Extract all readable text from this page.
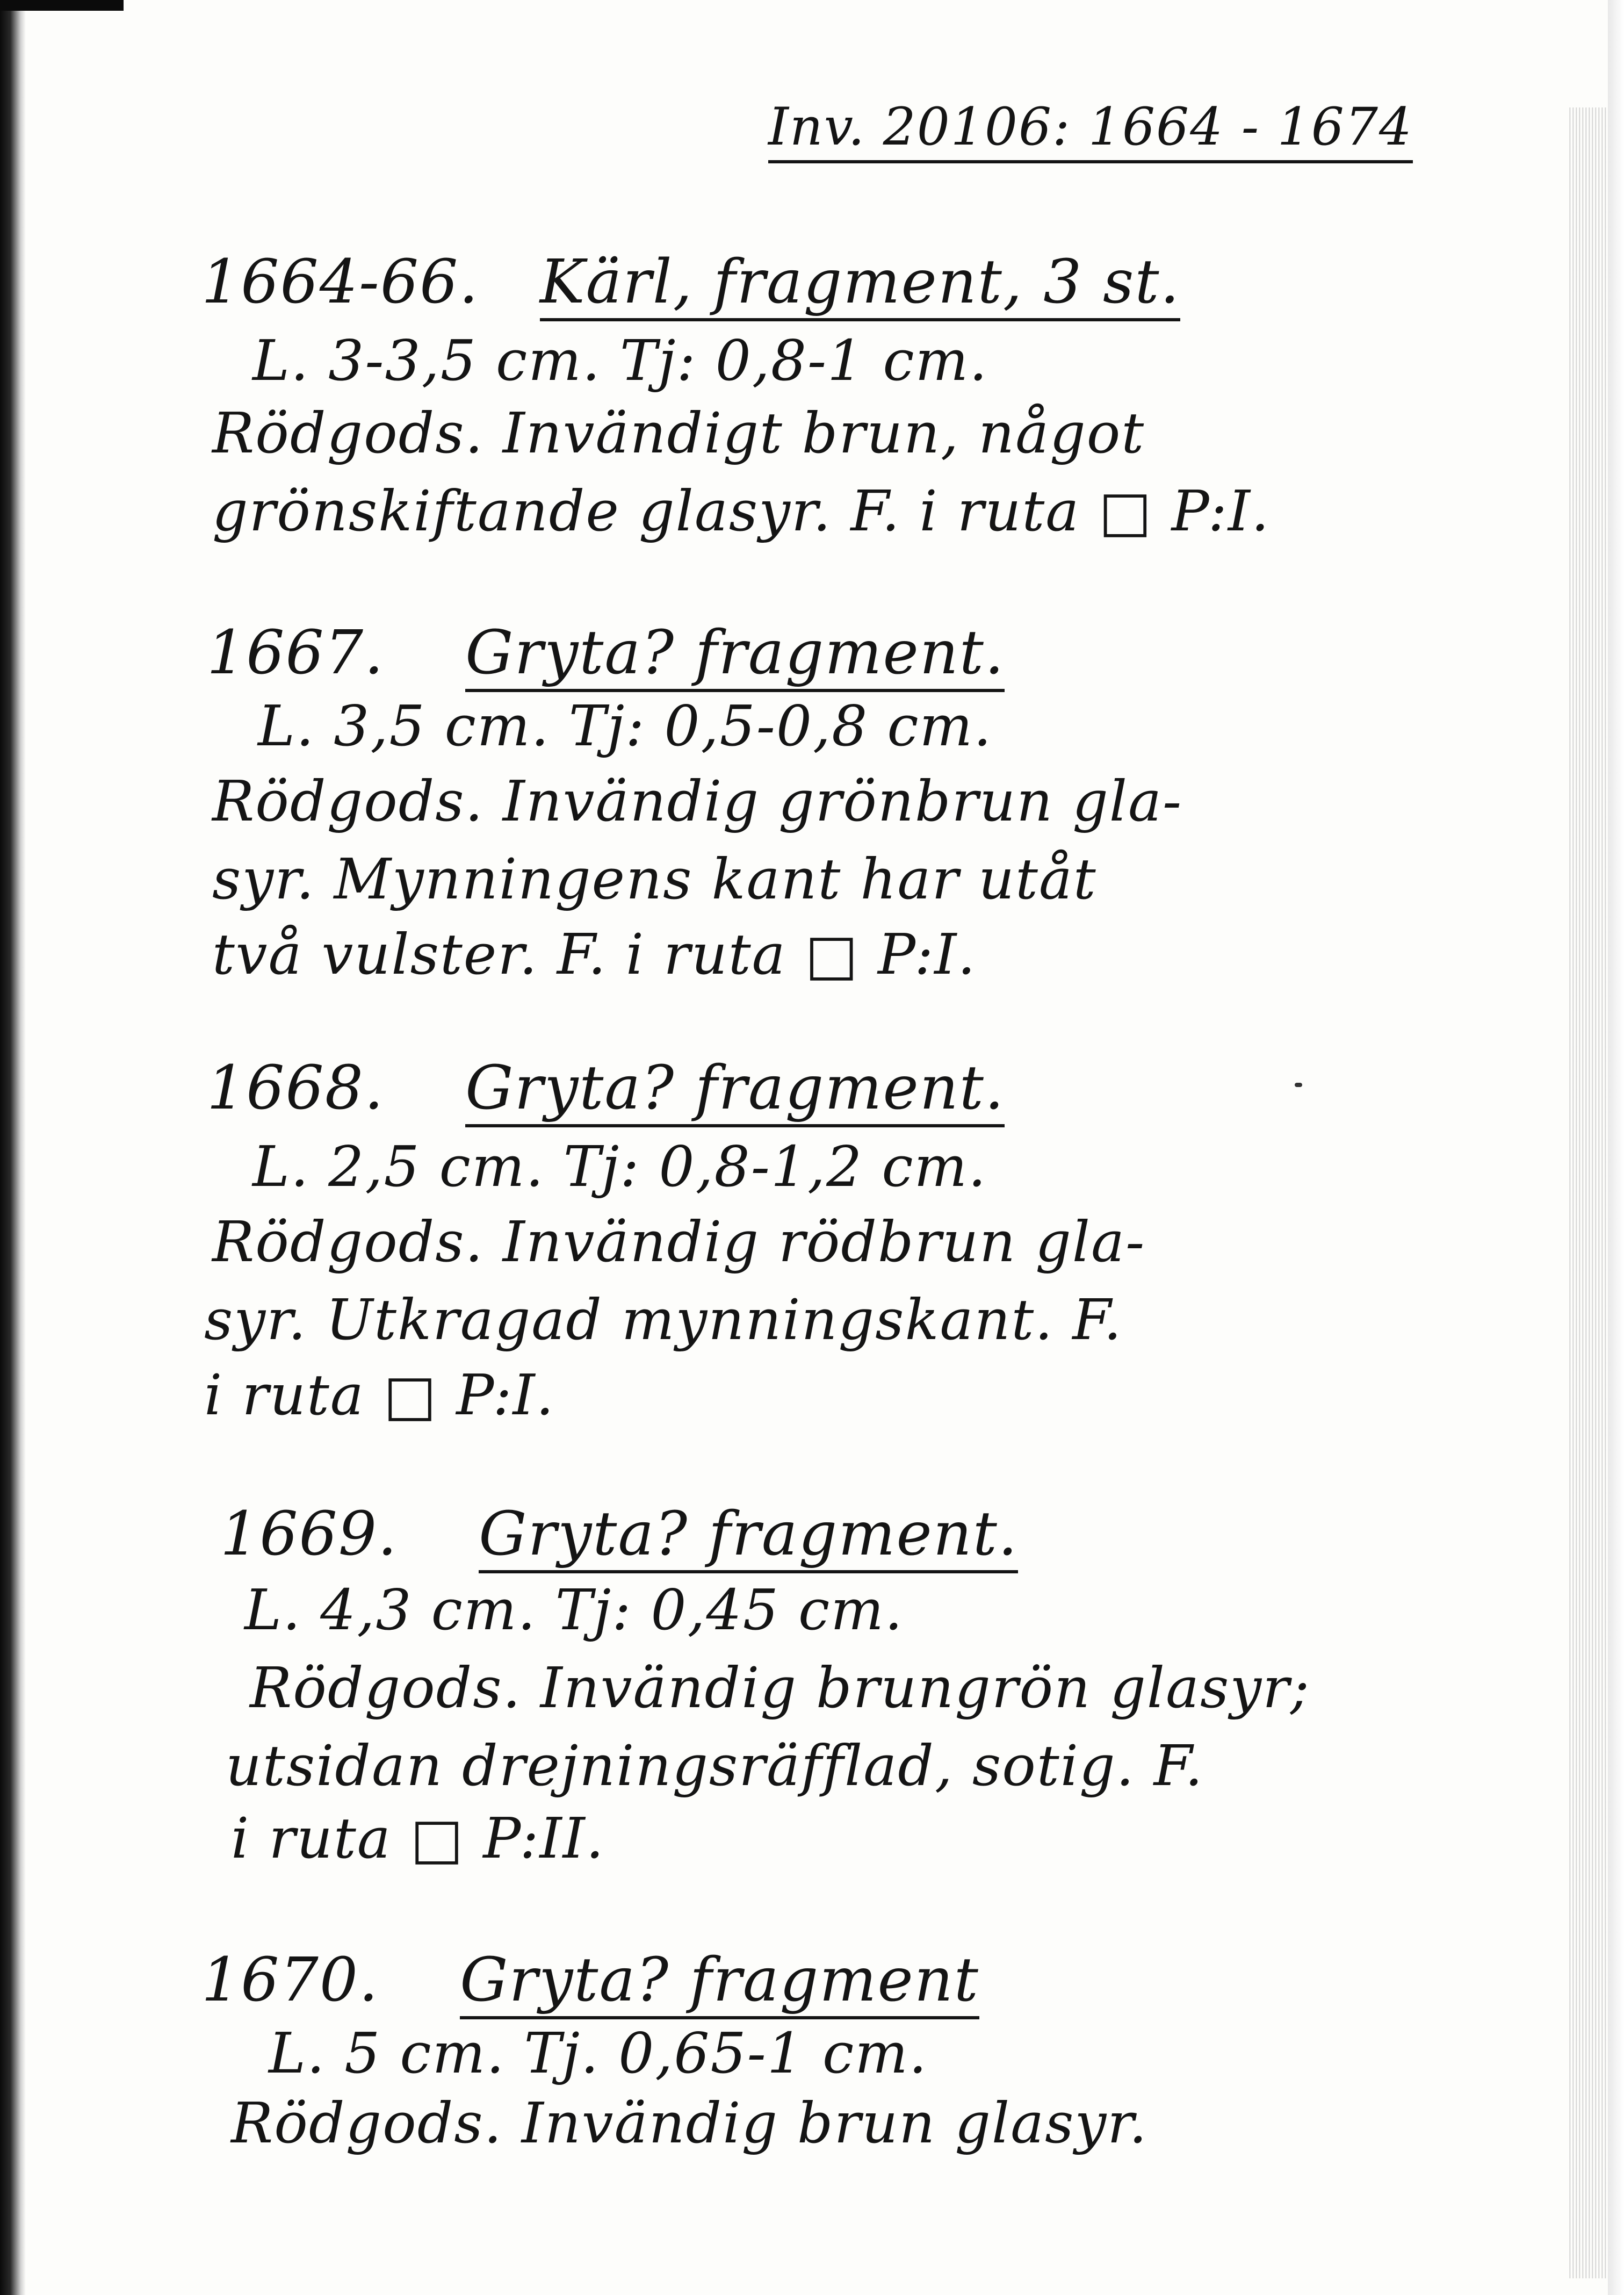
Inv. 20106: 1664 - 1674
1664-66. Kärl, fragment, 3 st.
L. 3-3,5 cm. Tj: 0,8-1 cm.
Rödgods. Invändigt brun, något
grönskiftande glasyr. F. i ruta □ P:I.
1667. Gryta? fragment.
L. 3,5 cm. Tj: 0,5-0,8 cm.
Rödgods. Invändig grönbrun gla-
syr. Mynningens kant har utåt
två vulster. F. i ruta □ P:I.
1668. Gryta? fragment.
L. 2,5 cm. Tj: 0,8-1,2 cm.
Rödgods. Invändig rödbrun gla-
syr. Utkragad mynningskant. F.
i ruta □ P:I.
1669. Gryta? fragment.
L. 4,3 cm. Tj: 0,45 cm.
Rödgods. Invändig brungrön glasyr;
utsidan drejningsräfflad, sotig. F.
i ruta □ P:II.
1670. Gryta? fragment
L. 5 cm. Tj. 0,65-1 cm.
Rödgods. Invändig brun glasyr.
